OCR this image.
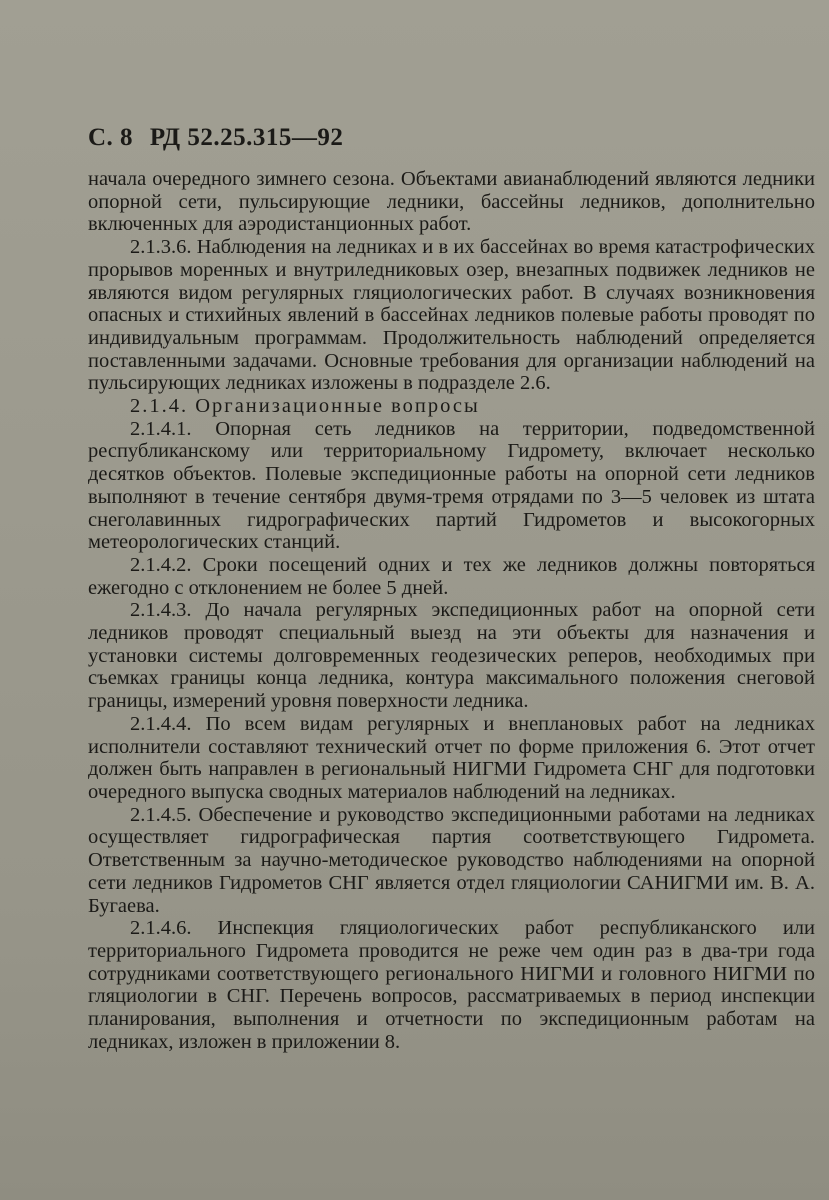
С. 8 РД 52.25.315—92

начала очередного зимнего сезона. Объектами авианаблюдений являются ледники опорной сети, пульсирующие ледники, бассейны ледников, дополнительно включенных для аэродистанционных работ.

2.1.3.6. Наблюдения на ледниках и в их бассейнах во время катастрофических прорывов моренных и внутриледниковых озер, внезапных подвижек ледников не являются видом регулярных гляциологических работ. В случаях возникновения опасных и стихийных явлений в бассейнах ледников полевые работы проводят по индивидуальным программам. Продолжительность наблюдений определяется поставленными задачами. Основные требования для организации наблюдений на пульсирующих ледниках изложены в подразделе 2.6.

2.1.4. Организационные вопросы

2.1.4.1. Опорная сеть ледников на территории, подведомственной республиканскому или территориальному Гидромету, включает несколько десятков объектов. Полевые экспедиционные работы на опорной сети ледников выполняют в течение сентября двумя-тремя отрядами по 3—5 человек из штата снеголавинных гидрографических партий Гидрометов и высокогорных метеорологических станций.

2.1.4.2. Сроки посещений одних и тех же ледников должны повторяться ежегодно с отклонением не более 5 дней.

2.1.4.3. До начала регулярных экспедиционных работ на опорной сети ледников проводят специальный выезд на эти объекты для назначения и установки системы долговременных геодезических реперов, необходимых при съемках границы конца ледника, контура максимального положения снеговой границы, измерений уровня поверхности ледника.

2.1.4.4. По всем видам регулярных и внеплановых работ на ледниках исполнители составляют технический отчет по форме приложения 6. Этот отчет должен быть направлен в региональный НИГМИ Гидромета СНГ для подготовки очередного выпуска сводных материалов наблюдений на ледниках.

2.1.4.5. Обеспечение и руководство экспедиционными работами на ледниках осуществляет гидрографическая партия соответствующего Гидромета. Ответственным за научно-методическое руководство наблюдениями на опорной сети ледников Гидрометов СНГ является отдел гляциологии САНИГМИ им. В. А. Бугаева.

2.1.4.6. Инспекция гляциологических работ республиканского или территориального Гидромета проводится не реже чем один раз в два-три года сотрудниками соответствующего регионального НИГМИ и головного НИГМИ по гляциологии в СНГ. Перечень вопросов, рассматриваемых в период инспекции планирования, выполнения и отчетности по экспедиционным работам на ледниках, изложен в приложении 8.
